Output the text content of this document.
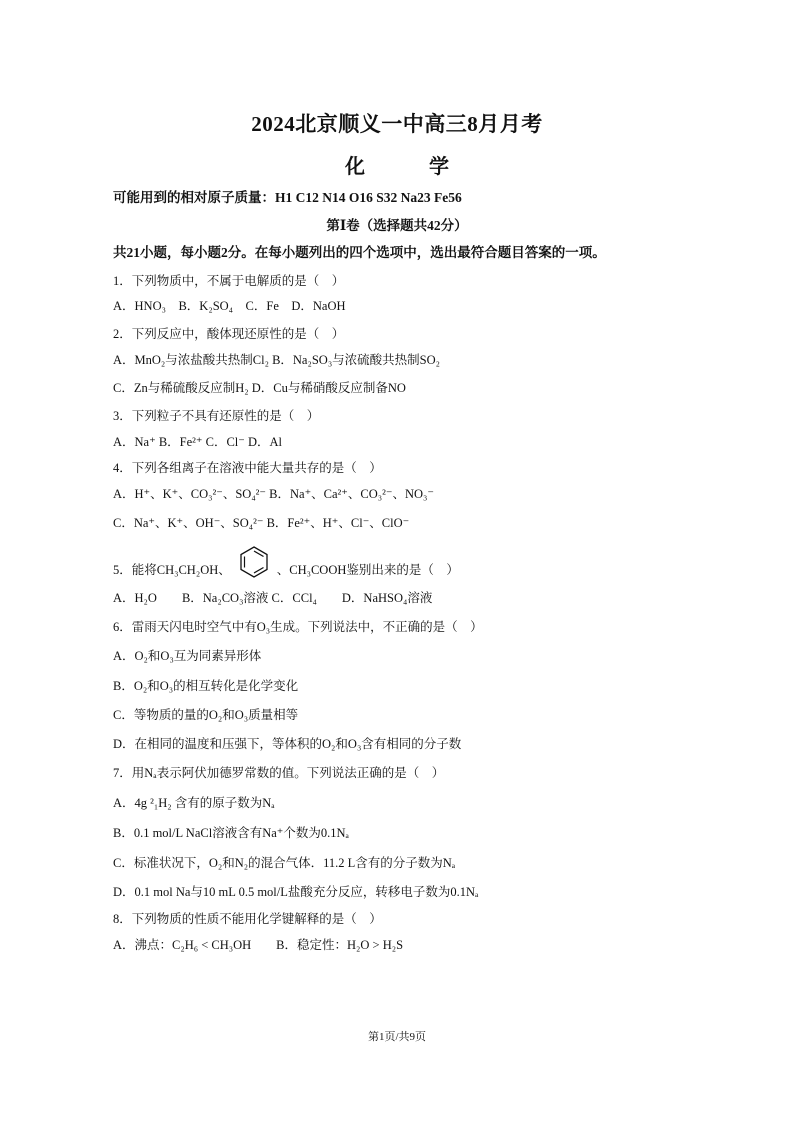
2024北京顺义一中高三8月月考
化　学
可能用到的相对原子质量：H1 C12 N14 O16 S32 Na23 Fe56
第Ⅰ卷（选择题共42分）
共21小题，每小题2分。在每小题列出的四个选项中，选出最符合题目答案的一项。
1．下列物质中，不属于电解质的是（　）
A．HNO₃　B．K₂SO₄　C．Fe　D．NaOH
2．下列反应中，酸体现还原性的是（　）
A．MnO₂与浓盐酸共热制Cl₂ B．Na₂SO₃与浓硫酸共热制SO₂
C．Zn与稀硫酸反应制H₂ D．Cu与稀硝酸反应制备NO
3．下列粒子不具有还原性的是（　）
A．Na⁺ B．Fe²⁺ C．Cl⁻ D．Al
4．下列各组离子在溶液中能大量共存的是（　）
A．H⁺、K⁺、CO₃²⁻、SO₄²⁻ B．Na⁺、Ca²⁺、CO₃²⁻、NO₃⁻
C．Na⁺、K⁺、OH⁻、SO₄²⁻ B．Fe²⁺、H⁺、Cl⁻、ClO⁻
5．能将CH₃CH₂OH、	、CH₃COOH鉴别出来的是（　）
A．H₂O　　B．Na₂CO₃溶液 C．CCl₄　　D．NaHSO₄溶液
6．雷雨天闪电时空气中有O₃生成。下列说法中，不正确的是（　）
A．O₂和O₃互为同素异形体
B．O₂和O₃的相互转化是化学变化
C．等物质的量的O₂和O₃质量相等
D．在相同的温度和压强下，等体积的O₂和O₃含有相同的分子数
7．用Nₐ表示阿伏加德罗常数的值。下列说法正确的是（　）
A．4g ²₁H₂ 含有的原子数为Nₐ
B．0.1 mol/L NaCl溶液含有Na⁺个数为0.1Nₐ
C．标准状况下，O₂和N₂的混合气体．11.2 L含有的分子数为Nₐ
D．0.1 mol Na与10 mL 0.5 mol/L盐酸充分反应，转移电子数为0.1Nₐ
8．下列物质的性质不能用化学键解释的是（　）
A．沸点：C₂H₆ < CH₃OH　　B．稳定性：H₂O > H₂S
第1页/共9页
